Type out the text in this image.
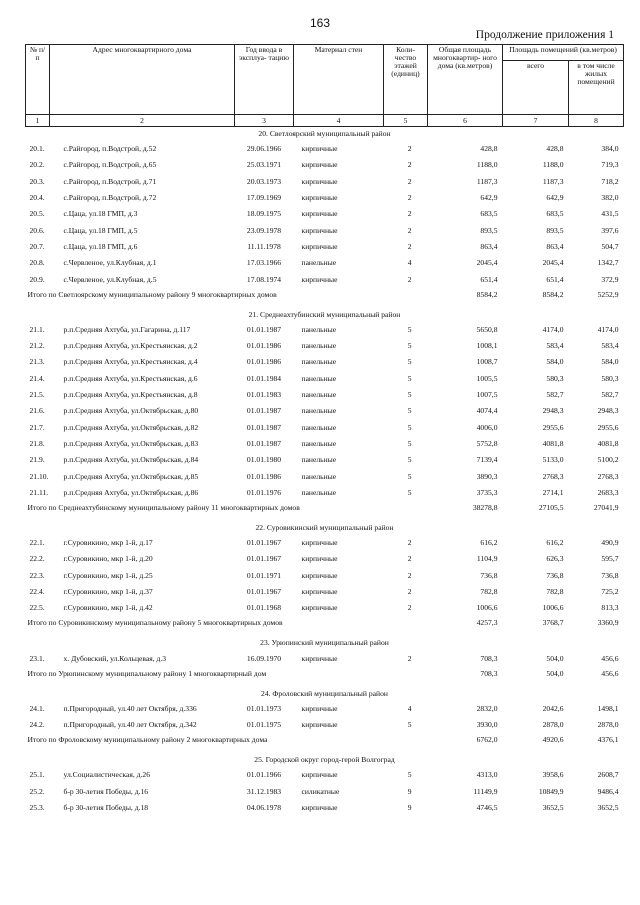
163
Продолжение приложения 1
№ п/п	Адрес многоквартирного дома	Год ввода в эксплуа- тацию	Материал стен	Коли- чество этажей (единиц)	Общая площадь многоквартир- ного дома (кв.метров)	Площадь помещений (кв.метров)	
						всего	в том числе жилых помещений
1	2	3	4	5	6	7	8
20. Светлоярский муниципальный район							
20.1.	с.Райгород, п.Водстрой, д.52	29.06.1966	кирпичные	2	428,8	428,8	384,0
20.2.	с.Райгород, п.Водстрой, д.65	25.03.1971	кирпичные	2	1188,0	1188,0	719,3
20.3.	с.Райгород, п.Водстрой, д.71	20.03.1973	кирпичные	2	1187,3	1187,3	718,2
20.4.	с.Райгород, п.Водстрой, д.72	17.09.1969	кирпичные	2	642,9	642,9	382,0
20.5.	с.Цаца, ул.18 ГМП, д.3	18.09.1975	кирпичные	2	683,5	683,5	431,5
20.6.	с.Цаца, ул.18 ГМП, д.5	23.09.1978	кирпичные	2	893,5	893,5	397,6
20.7.	с.Цаца, ул.18 ГМП, д.6	11.11.1978	кирпичные	2	863,4	863,4	504,7
20.8.	с.Червленое, ул.Клубная, д.1	17.03.1966	панельные	4	2045,4	2045,4	1342,7
20.9.	с.Червленое, ул.Клубная, д.5	17.08.1974	кирпичные	2	651,4	651,4	372,9
Итого по Светлоярскому муниципальному району 9 многоквартирных домов					8584,2	8584,2	5252,9
21. Среднеахтубинский муниципальный район							
21.1.	р.п.Средняя Ахтуба, ул.Гагарина, д.117	01.01.1987	панельные	5	5650,8	4174,0	4174,0
21.2.	р.п.Средняя Ахтуба, ул.Крестьянская, д.2	01.01.1986	панельные	5	1008,1	583,4	583,4
21.3.	р.п.Средняя Ахтуба, ул.Крестьянская, д.4	01.01.1986	панельные	5	1008,7	584,0	584,0
21.4.	р.п.Средняя Ахтуба, ул.Крестьянская, д.6	01.01.1984	панельные	5	1005,5	580,3	580,3
21.5.	р.п.Средняя Ахтуба, ул.Крестьянская, д.8	01.01.1983	панельные	5	1007,5	582,7	582,7
21.6.	р.п.Средняя Ахтуба, ул.Октябрьская, д.80	01.01.1987	панельные	5	4074,4	2948,3	2948,3
21.7.	р.п.Средняя Ахтуба, ул.Октябрьская, д.82	01.01.1987	панельные	5	4006,0	2955,6	2955,6
21.8.	р.п.Средняя Ахтуба, ул.Октябрьская, д.83	01.01.1987	панельные	5	5752,8	4081,8	4081,8
21.9.	р.п.Средняя Ахтуба, ул.Октябрьская, д.84	01.01.1980	панельные	5	7139,4	5133,0	5100,2
21.10.	р.п.Средняя Ахтуба, ул.Октябрьская, д.85	01.01.1986	панельные	5	3890,3	2768,3	2768,3
21.11.	р.п.Средняя Ахтуба, ул.Октябрьская, д.86	01.01.1976	панельные	5	3735,3	2714,1	2683,3
Итого по Среднеахтубинскому муниципальному району 11 многоквартирных домов					38278,8	27105,5	27041,9
22. Суровикинский муниципальный район							
22.1.	г.Суровикино, мкр 1-й, д.17	01.01.1967	кирпичные	2	616,2	616,2	490,9
22.2.	г.Суровикино, мкр 1-й, д.20	01.01.1967	кирпичные	2	1104,9	626,3	595,7
22.3.	г.Суровикино, мкр 1-й, д.25	01.01.1971	кирпичные	2	736,8	736,8	736,8
22.4.	г.Суровикино, мкр 1-й, д.37	01.01.1967	кирпичные	2	782,8	782,8	725,2
22.5.	г.Суровикино, мкр 1-й, д.42	01.01.1968	кирпичные	2	1006,6	1006,6	813,3
Итого по Суровикинскому муниципальному району 5 многоквартирных домов					4257,3	3768,7	3360,9
23. Урюпинский муниципальный район							
23.1.	х. Дубовский, ул.Кольцевая, д.3	16.09.1970	кирпичные	2	708,3	504,0	456,6
Итого по Урюпинскому муниципальному району 1 многоквартирный дом					708,3	504,0	456,6
24. Фроловский муниципальный район							
24.1.	п.Пригородный, ул.40 лет Октября, д.336	01.01.1973	кирпичные	4	2832,0	2042,6	1498,1
24.2.	п.Пригородный, ул.40 лет Октября, д.342	01.01.1975	кирпичные	5	3930,0	2878,0	2878,0
Итого по Фроловскому муниципальному району 2 многоквартирных дома					6762,0	4920,6	4376,1
25. Городской округ город-герой Волгоград							
25.1.	ул.Социалистическая, д.26	01.01.1966	кирпичные	5	4313,0	3958,6	2608,7
25.2.	б-р 30-летия Победы, д.16	31.12.1983	силикатные	9	11149,9	10849,9	9486,4
25.3.	б-р 30-летия Победы, д.18	04.06.1978	кирпичные	9	4746,5	3652,5	3652,5
